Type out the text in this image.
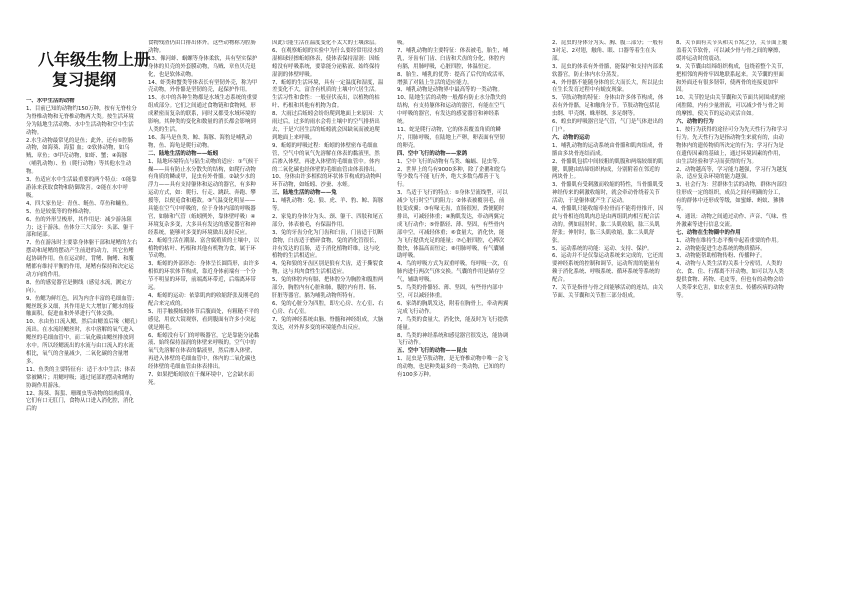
八年级生物上册
复习提纲

一、水中生活的动物

1、目前已知的动物约150万种，按有无脊柱分为脊椎动物和无脊椎动物两大类。按生活环境分为陆地生活动物、水中生活动物和空中生活动物。

2.水生动物最常见的是鱼；此外，还有①腔肠动物，如海葵、海蜇 血；②软体动物，如乌贼、章鱼；③甲壳动物，如虾、蟹；④海豚（哺乳动物）、鱼（爬行动物）等其他水生动物。

3、鱼适应水中生活最重要的两个特点：①能靠游泳来获取食物和防御敌害。②能在水中呼吸。

4、四大家鱼是：青鱼、鲢鱼、草鱼和鳙鱼。

5、鱼是较低等的脊椎动物。

6、鱼的外形呈梭形，其作用是：减少游泳阻力；这于游泳。鱼体分三大部分：头部、躯干部和尾部。

7、鱼在游泳时主要靠身体躯干部和尾鳍的左右摆动和尾鳍的摆动产生前进的动力，其它鱼鳍起协调作用。鱼在运动时，背鳍、胸鳍、和腹鳍都有维持平衡的作用，尾鳍有保持和决定运动方向的作用。

8、鱼的感觉器官是侧线（感觉水流，测定方向）。

9、鱼鳃为鲜红色，因为内含丰富的毛细血管；鳃丝既多又细，其作用是大大增加了鳃水的接触面积，促进血和外界进行气体交换。

10、水由鱼口流入鳃，然后由鳃盖后缘（鳃孔）流出。在水流经鳃丝时，水中溶解的氧气进入鳃丝的毛细血管中，而二氧化碳由鳃丝排放到水中。所以经鳃流出的水流与由口流入的水流相比，氧气的含量减少，二氧化碳的含量增多。

11、鱼类的主要特征有：适于水中生活；体表常被鳞片；用鳃呼吸；通过尾部的摆动和鳍的协调作用游泳。

12、海葵、海蜇、珊瑚虫等动物的结构简单，它们有口无肛门，食物从口进入消化腔，消化后的

食物残渣仍由口排出体外。这些动物称为腔肠动物。

13、像河蚌、蜗螺等身体柔软，具有坚实保护身体的贝壳的外套膜动物，乌贼、章鱼贝壳退化，也是软体动物。

14、虾类和蟹类等体表长有坚韧外壳，称为甲壳动物，外骨骼是坚韧的壳，起保护作用。

15、水中的各种生物都是水域生态系统的重要组成部分。它们之间通过食物链和食物网，形成紧密而复杂的联系，同时又都受水域环境的影响。其种类的变化和数量的消长都会影响到人类的生活。

16、海马是鱼类、鲸、海豚、海豹是哺乳动物，鱼、海龟是爬行动物。

二、陆地生活的动物——蚯蚓

1、陆地环境特点与陆生动物的适应：①气候干燥——具有防止水分散失的结构，如爬行动物有角质的鳞或甲，昆虫有外骨骼。②缺少水的浮力——具有支持躯体和运动的器官，有多种运动方式，如：爬行、行走、跳跃、奔跑、攀援等，以便觅食和避敌。③气温变化明显——具能在空气中呼吸的，位于身体内部的呼吸器官，如肺和气管（蚯蚓例外，靠体壁呼吸）④环境复杂多变，大多具有发达的感觉器官和神经系统，能够对多变的环境做出及时反应。

2、蚯蚓生活在潮湿、富含腐殖质的土壤中，以植物的枯叶、朽根和其他有机物为食，属于环节动物。

3、蚯蚓的外部形态：身体呈长圆筒形，由许多相似的环状体节构成，靠近身体前端有一个分节不明显的环带，前端离环带近，后端离环带远。

4、蚯蚓的运动：依靠肌肉的收缩舒张及刚毛的配合来完成的。

5、用手触摸蚯蚓体节后腹面处，有粗糙不平的感觉，用放大镜观察，看到腹面有许多小突起就是刚毛。

6、蚯蚓没有专门的呼吸器官，它是靠能分泌黏液、始终保持湿润的体壁来呼吸的。空气中的氧气先溶解在体表的黏液里，然后渗入体壁，再进入体壁的毛细血管中，体内的二氧化碳也经体壁的毛细血管由体表排出。

7、如果把蚯蚓放在干燥环境中，它会缺水而死。

因此只能生活在温度变化不太大的土壤深层。

6、在观察蚯蚓的实验中为什么要经常用浸水的湿棉球轻擦蚯蚓体表，使体表保持湿润：因蚯蚓没有呼吸系统，要靠能分泌粘液、始终保持湿润的体壁呼吸。

7、蚯蚓的生活环境，具有一定温度和湿度，温差变化不大，富含有机质的土壤中穴居生活。生活习性和食性：一般昼伏夜出，以植物的枯叶、朽根和其他有机物为食。

8、大雨过后蚯蚓会纷纷爬到地面上来原因：大雨过后，过多的雨水会将土壤中的空气排挤出去，于是穴居生活的蚯蚓就会因缺氧而被迫爬到地面上来呼吸。

9、蚯蚓的呼吸过程：蚯蚓的体壁密布毛细血管，空气中的氧气先溶解在体表的黏液里，然后渗入体壁，再进入体壁的毛细血管中。体内的二氧化碳也经体壁的毛细血管由体表排出。

10、身体由许多相似的环状体节构成的动物叫环节动物，如蚯蚓、沙蚕、水蛭。

三、陆地生活的动物——兔

1、哺乳动物：兔、狼、虎、羊、豹、鲸、海豚等。

2、家兔的身体分为头、颈、躯干、四肢和尾五部分，体表被毛，有保温作用。

3、兔的牙齿分化为门齿和臼齿，门齿适于切断食物，臼齿适于磨碎食物，兔的消化管很长，并有发达的盲肠，适于消化植物纤维，这与吃植物的生活相适应。

4、兔和狼的牙齿区别是狼有犬齿，适于撕裂食物，这与其肉食性生活相适应。

5、兔的体腔内有膈，把体腔分为胸腔和腹腔两部分，胸腔内有心脏和肺，腹腔内有胃、肠、肝脏等器官。膈为哺乳动物所特有。

6、兔的心脏分为四腔，即左心房、左心室、右心房、右心室。

7、兔的神经系统由脑、脊髓和神经组成，大脑发达，对外界多变的环境能作出反应。

吸。

7、哺乳动物的主要特征：体表被毛，胎生，哺乳，牙齿有门齿、臼齿和犬齿的分化，体腔内有膈，用肺呼吸，心脏四腔，体温恒定。

8、胎生、哺乳的优势：提高了后代的成活率，增强了对陆上生活的适应能力。

9、哺乳动物是动物界中最高等的一类动物。

10、陆地生活的动物一般都有防止水分散失的结构，有支持躯体和运动的器官，有能在空气中呼吸的器官，有发达的感觉器官和神经系统。

11、蛇是爬行动物，它的体表覆盖角质的鳞片，用肺呼吸，在陆地上产卵，卵表面有坚韧的卵壳。

四、空中飞行的动物——家鸽

1、空中飞行的动物有鸟类、蝙蝠、昆虫等。

2、世界上的鸟有9000多种，除了企鹅和鸵鸟等少数鸟不能飞行外，绝大多数鸟都善于飞行。

3、鸟适于飞行的特点：①身体呈流线型，可以减少飞行时空气的阻力；②体表被覆羽毛，前肢变成翼；③有喙无齿，直肠很短，粪便随时排出，可减轻体重；④胸肌发达，牵动两翼完成飞行动作；⑤骨骼轻、薄、坚固，有些骨内部中空，可减轻体重；⑥食量大，消化快，能为飞行提供充足的能量；⑦心脏四腔，心搏次数快，体温高而恒定；⑧用肺呼吸，有气囊辅助呼吸。

4、鸟的呼吸方式为双重呼吸，每呼吸一次，在肺内进行两次气体交换。气囊的作用是储存空气，辅助呼吸。

5、鸟类的骨骼轻、薄、坚固，有些骨内部中空，可以减轻体重。

6、家鸽的胸肌发达，附着在胸骨上，牵动两翼完成飞行动作。

7、鸟类的食量大，消化快，能及时为飞行提供能量。

8、鸟类的神经系统和感觉器官很发达，能协调飞行动作。

五、空中飞行的动物——昆虫

1、昆虫是节肢动物，是无脊椎动物中唯一会飞的动物，也是种类最多的一类动物，已知的约有100多万种。

2、昆虫的身体分为头、胸、腹三部分；一般有3对足、2对翅，触角、眼、口器等着生在头部。

3、昆虫的体表有外骨骼，能保护和支持内部柔软器官，防止体内水分蒸发。

4、外骨骼不能随身体的长大而长大，所以昆虫在生长发育过程中有蜕皮现象。

5、节肢动物的特征：身体由许多体节构成，体表有外骨骼，足和触角分节。节肢动物包括昆虫纲、甲壳纲、蛛形纲、多足纲等。

6、蝗虫的呼吸器官是气管，气门是气体进出的门户。

六、动物的运动

1、哺乳动物的运动系统由骨骼和肌肉组成，骨骼由多块骨连结而成。

2、骨骼肌包括中间较粗的肌腹和两端较细的肌腱，肌腱由结缔组织构成，分别附着在邻近的两块骨上。

3、骨骼肌有受刺激而收缩的特性，当骨骼肌受神经传来的刺激收缩时，就会牵动骨绕着关节活动，于是躯体就产生了运动。

4、骨骼肌只能收缩牵拉骨而不能将骨推开，因此与骨相连的肌肉总是由两组肌肉相互配合活动的。例如屈肘时，肱二头肌收缩，肱三头肌舒张；伸肘时，肱三头肌收缩，肱二头肌舒张。

5、运动系统的功能：运动、支持、保护。

6、运动并不是仅靠运动系统来完成的，它还需要神经系统的控制和调节，运动所需的能量有赖于消化系统、呼吸系统、循环系统等系统的配合。

7、关节是指骨与骨之间能够活动的连结，由关节面、关节囊和关节腔三部分组成。

8、关节面有关节头和关节窝之分，关节面上覆盖着关节软骨，可以减少骨与骨之间的摩擦，缓冲运动时的震动。

9、关节囊由结缔组织构成，包绕着整个关节，把相邻的两骨牢固地联系起来。关节囊的里面和外面还有很多韧带，使两骨的连接更加牢固。

10、关节腔是由关节囊和关节面共同围成的密闭腔隙，内有少量滑液，可以减少骨与骨之间的摩擦，使关节的运动灵活自如。

六、动物的行为

1、按行为获得的途径可分为先天性行为和学习行为。先天性行为是指动物生来就有的，由动物体内的遗传物质所决定的行为；学习行为是在遗传因素的基础上，通过环境因素的作用，由生活经验和学习而获得的行为。

2、动物越高等，学习能力越强，学习行为越复杂，适应复杂环境的能力越强。

3、社会行为：营群体生活的动物，群体内部往往形成一定的组织，成员之间有明确的分工，有的群体中还形成等级，如蜜蜂、蚂蚁、狒狒等。

4、通讯：动物之间通过动作、声音、气味、性外激素等进行信息交流。

七、动物在生物圈中的作用

1、动物在维持生态平衡中起着重要的作用。

2、动物能促进生态系统的物质循环。

3、动物能帮助植物传粉、传播种子。

4、动物与人类生活的关系十分密切，人类的衣、食、住、行都离不开动物，如可以为人类提供食物、药物、毛皮等，但也有的动物会给人类带来危害，如农业害虫、传播疾病的动物等。
